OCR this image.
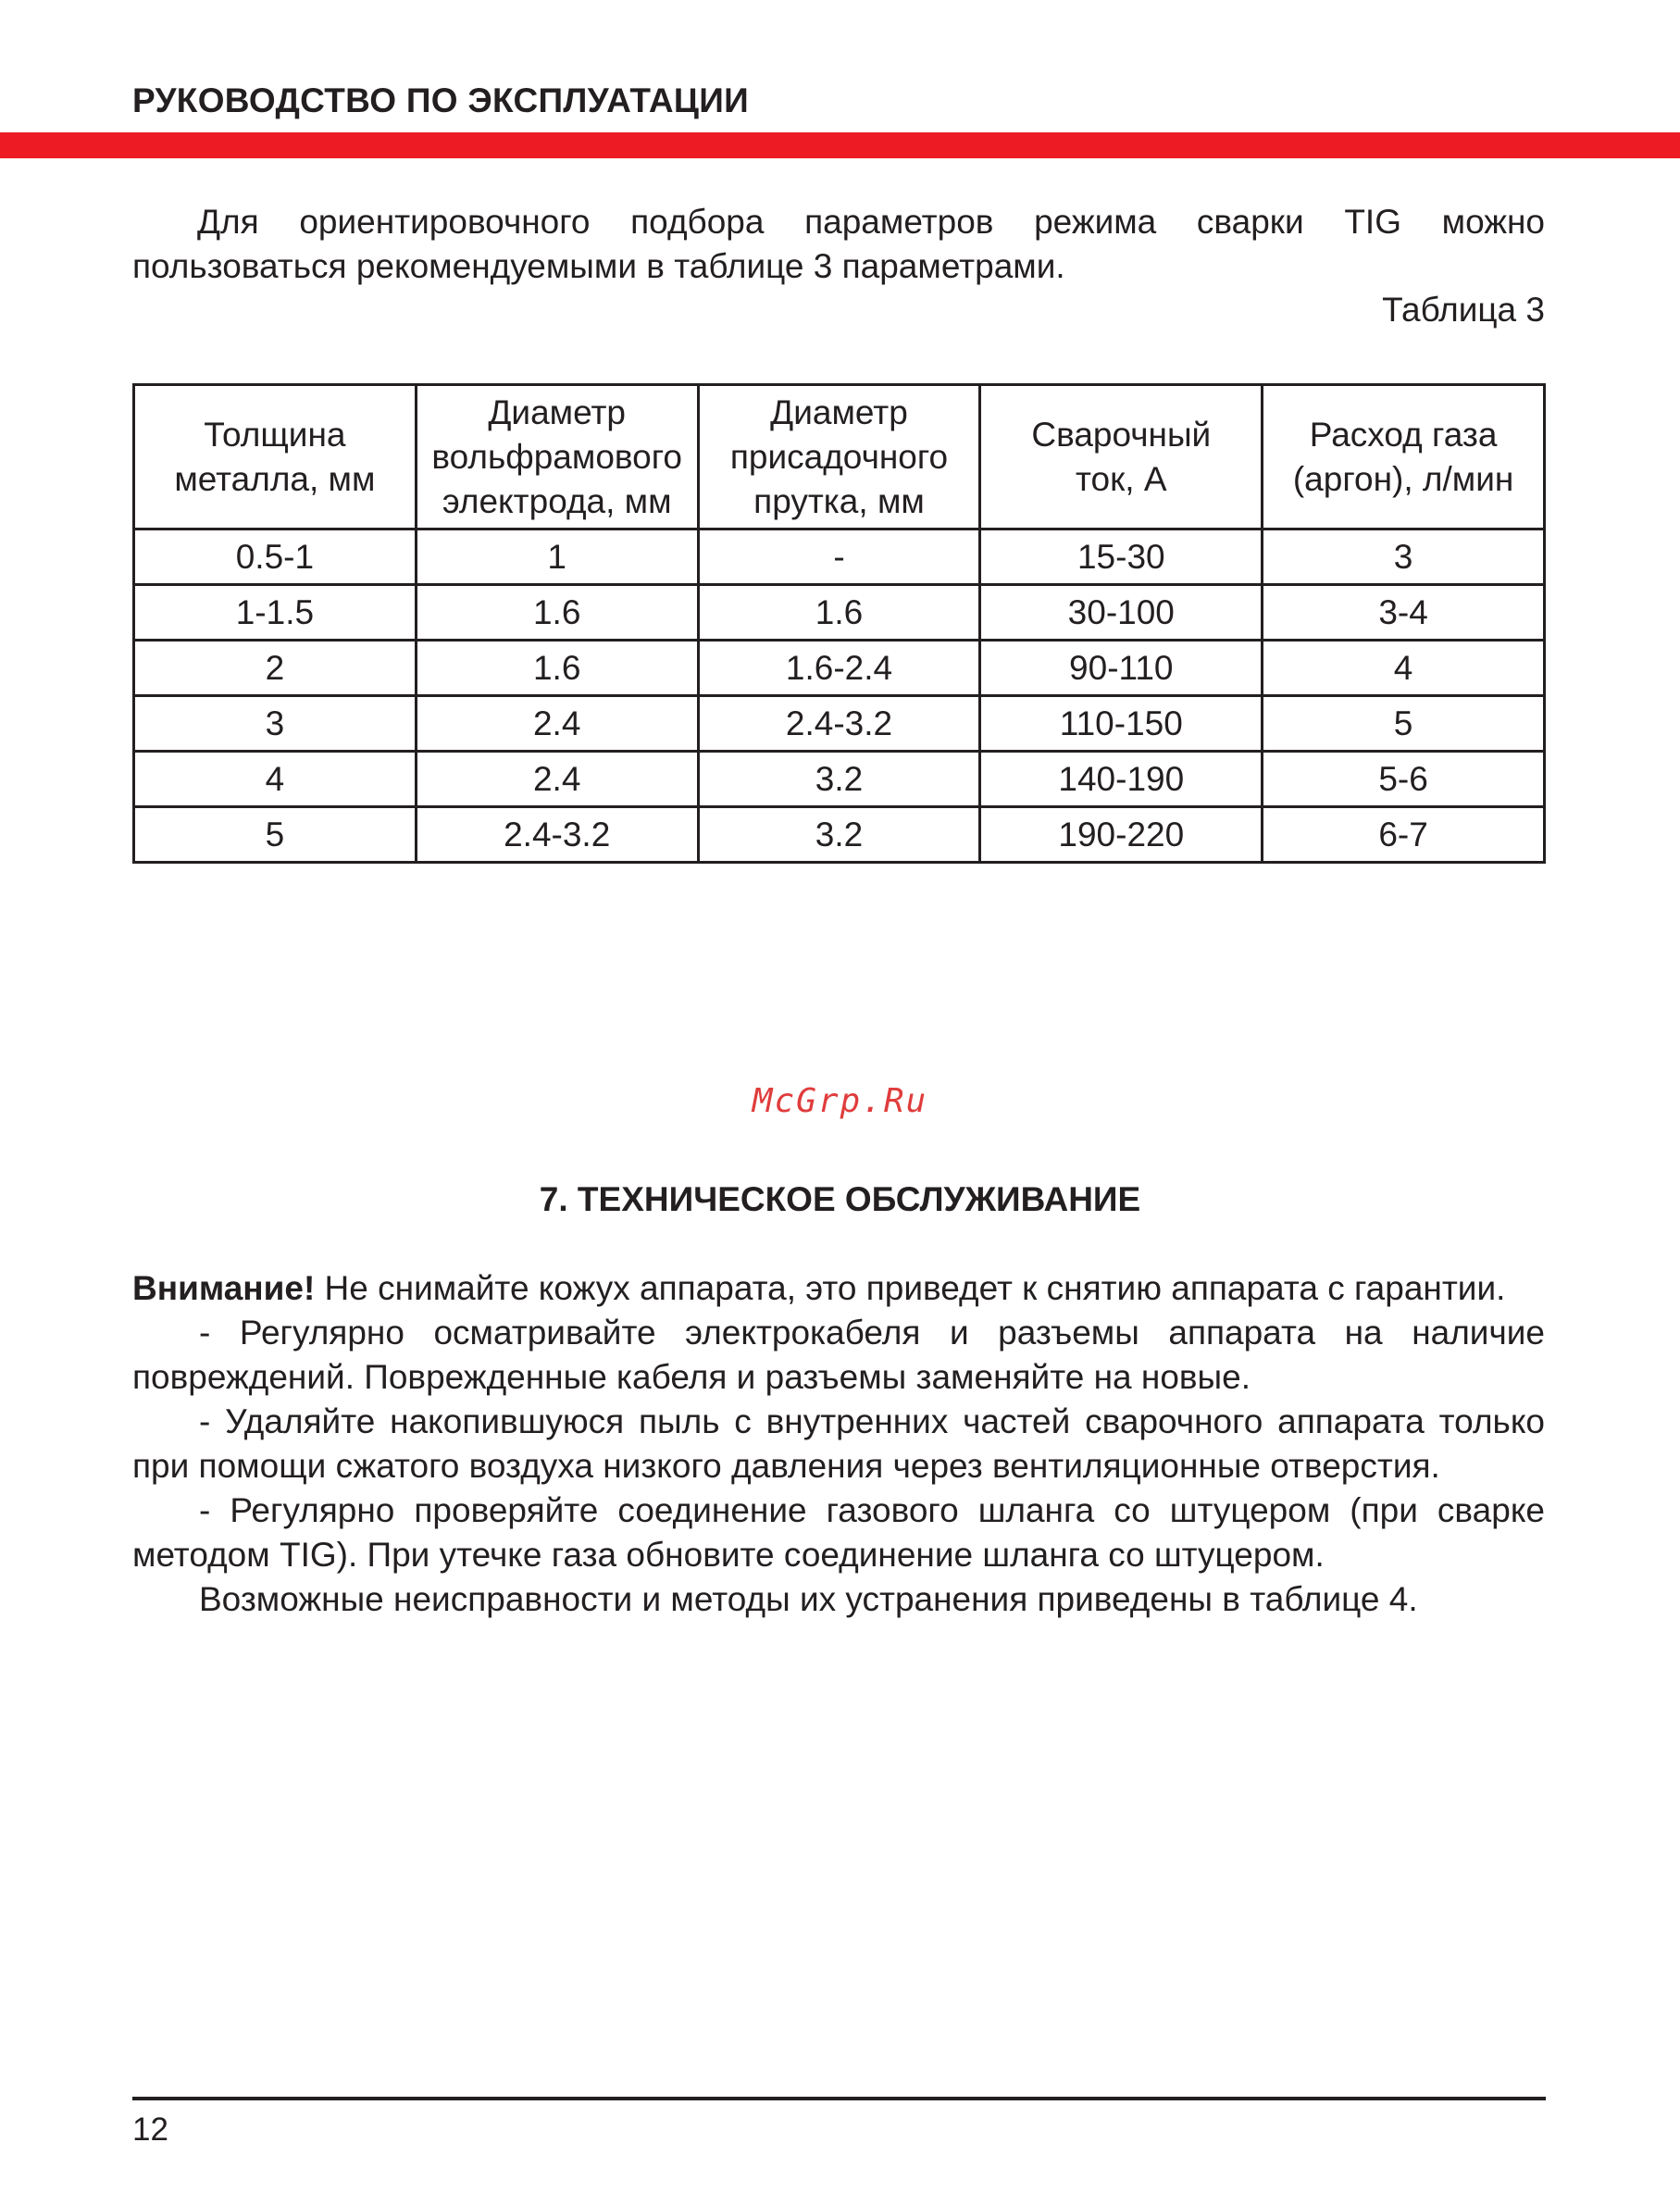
РУКОВОДСТВО ПО ЭКСПЛУАТАЦИИ
Для ориентировочного подбора параметров режима сварки TIG можно пользоваться рекомендуемыми в таблице 3 параметрами.
Таблица 3
Толщина металла, мм	Диаметр вольфрамового электрода, мм	Диаметр присадочного прутка, мм	Сварочный ток, А	Расход газа (аргон), л/мин
0.5-1	1	-	15-30	3
1-1.5	1.6	1.6	30-100	3-4
2	1.6	1.6-2.4	90-110	4
3	2.4	2.4-3.2	110-150	5
4	2.4	3.2	140-190	5-6
5	2.4-3.2	3.2	190-220	6-7
McGrp.Ru
7. ТЕХНИЧЕСКОЕ ОБСЛУЖИВАНИЕ

Внимание! Не снимайте кожух аппарата, это приведет к снятию аппарата с гарантии.

- Регулярно осматривайте электрокабеля и разъемы аппарата на наличие повреждений. Поврежденные кабеля и разъемы заменяйте на новые.

- Удаляйте накопившуюся пыль с внутренних частей сварочного аппарата только при помощи сжатого воздуха низкого давления через вентиляционные отверстия.

- Регулярно проверяйте соединение газового шланга со штуцером (при сварке методом TIG). При утечке газа обновите соединение шланга со штуцером.

Возможные неисправности и методы их устранения приведены в таблице 4.

12
